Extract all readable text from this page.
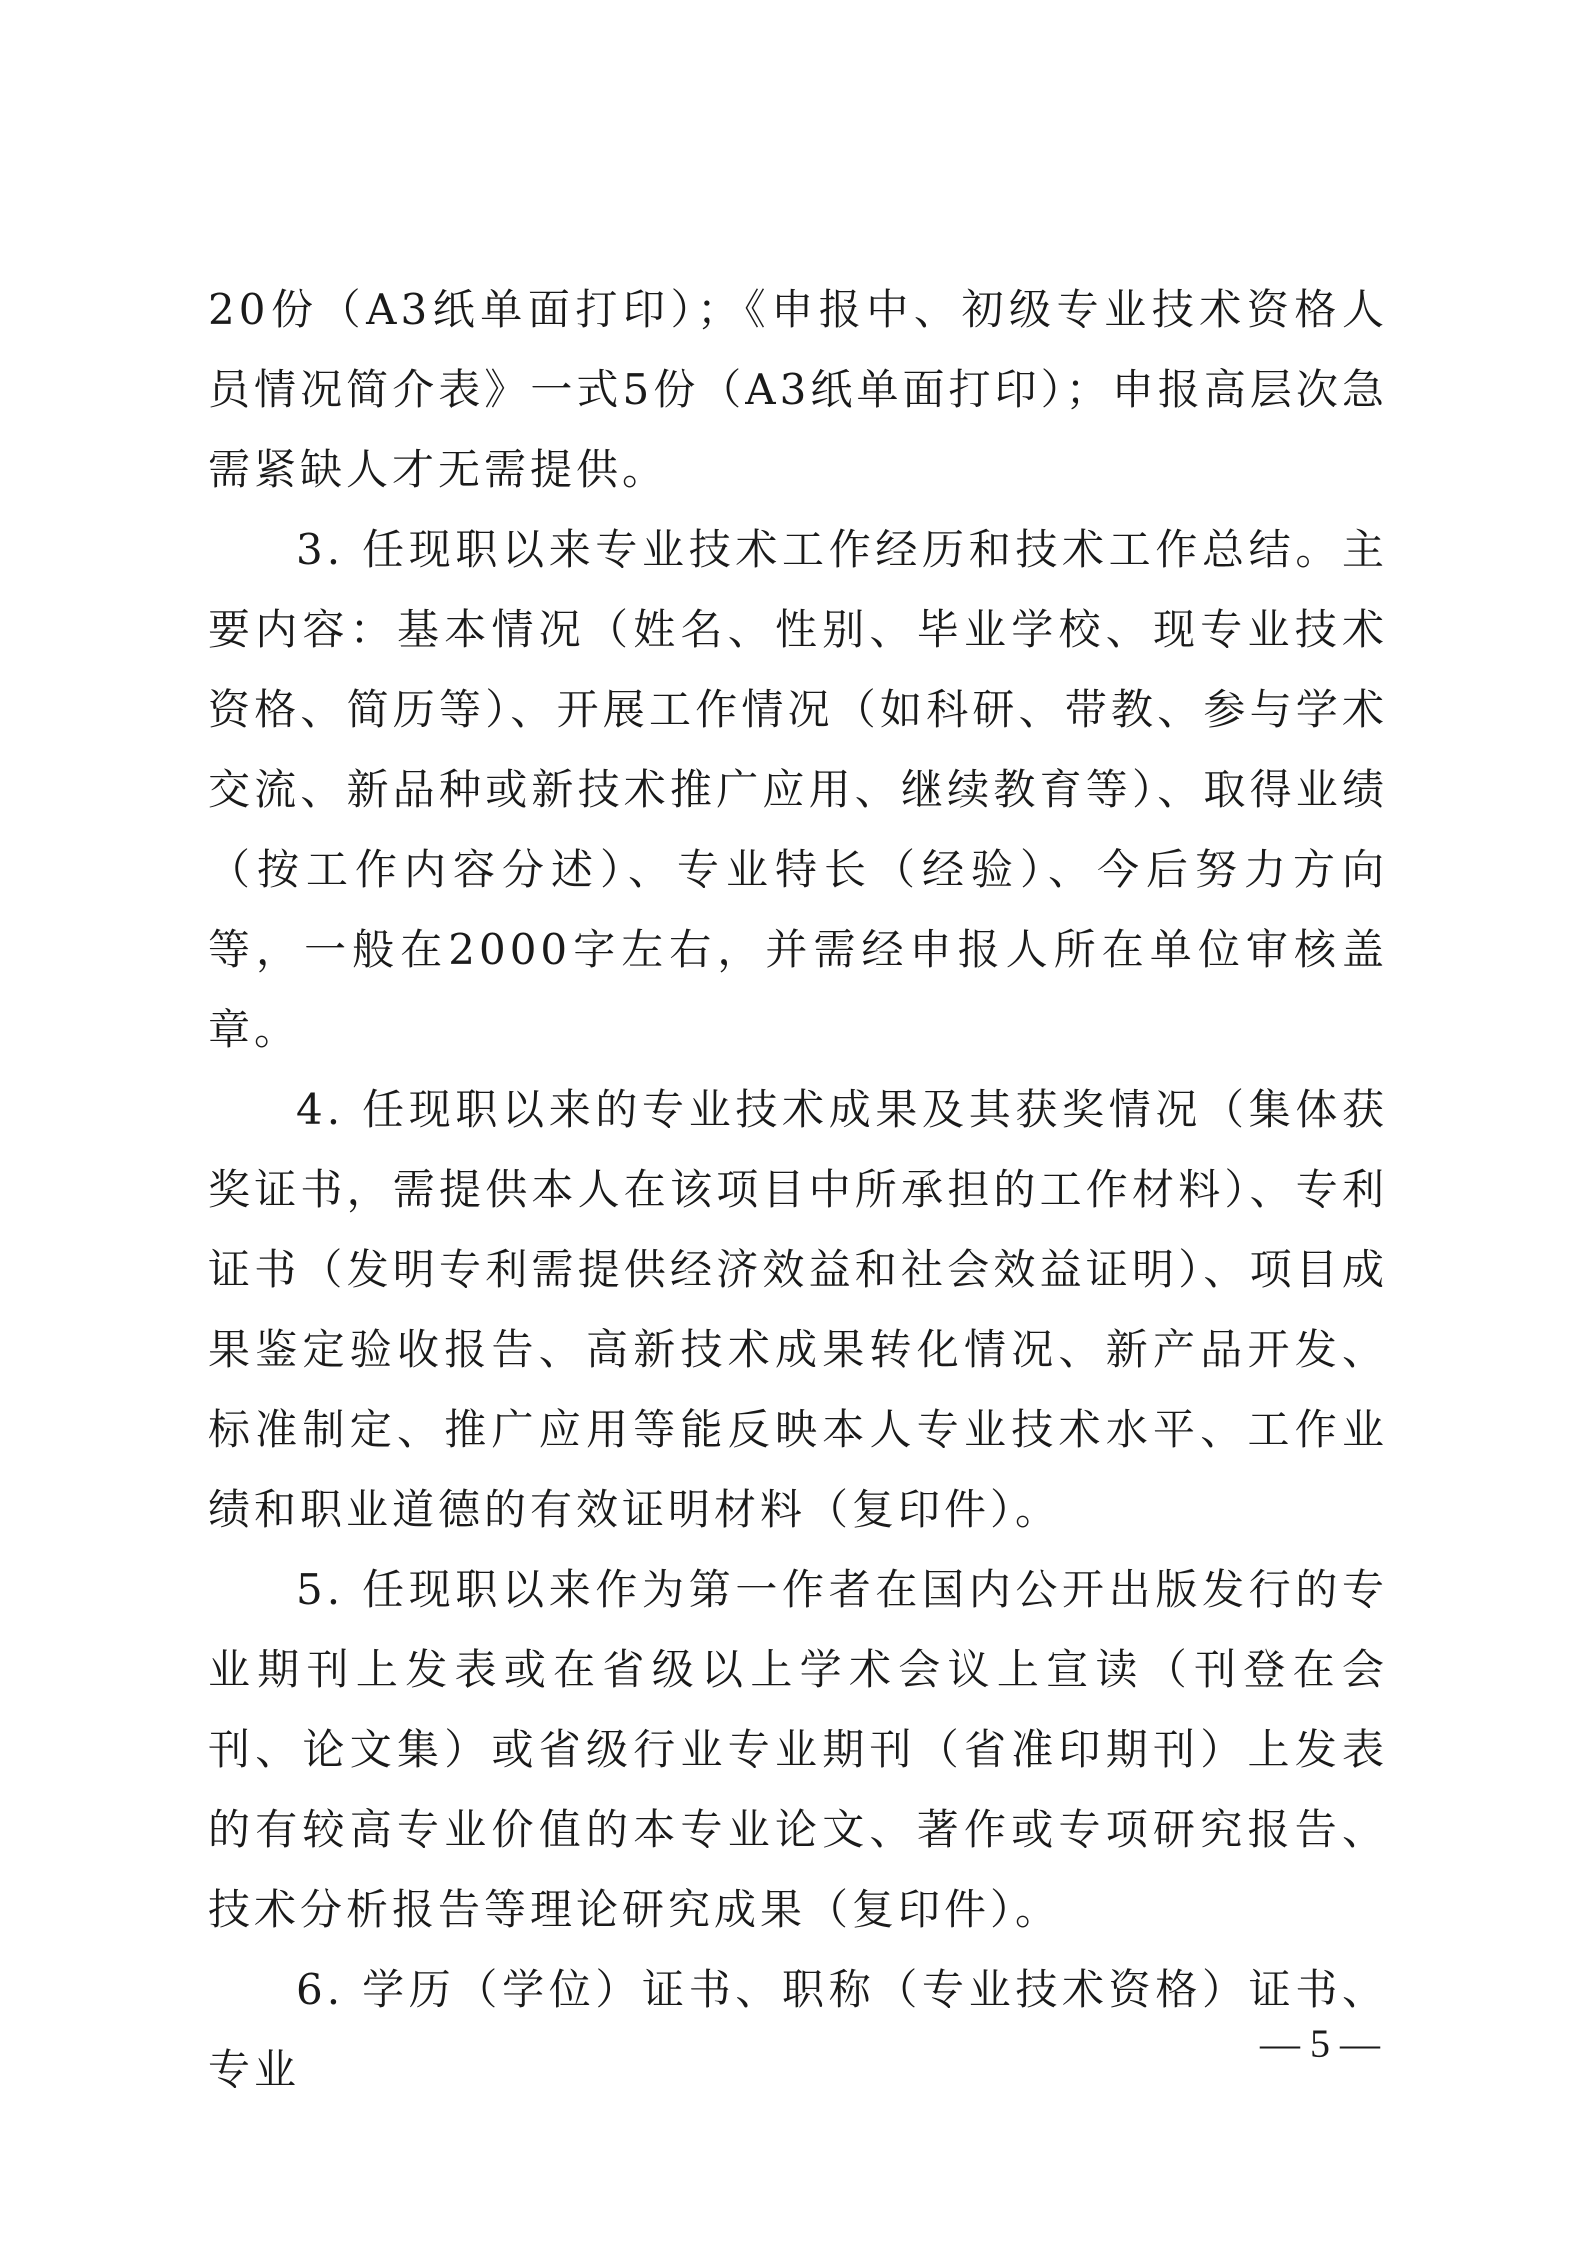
20份（A3纸单面打印）；《申报中、初级专业技术资格人员情况简介表》一式5份（A3纸单面打印）；申报高层次急需紧缺人才无需提供。

3. 任现职以来专业技术工作经历和技术工作总结。主要内容：基本情况（姓名、性别、毕业学校、现专业技术资格、简历等）、开展工作情况（如科研、带教、参与学术交流、新品种或新技术推广应用、继续教育等）、取得业绩（按工作内容分述）、专业特长（经验）、今后努力方向等，一般在2000字左右，并需经申报人所在单位审核盖章。

4. 任现职以来的专业技术成果及其获奖情况（集体获奖证书，需提供本人在该项目中所承担的工作材料）、专利证书（发明专利需提供经济效益和社会效益证明）、项目成果鉴定验收报告、高新技术成果转化情况、新产品开发、标准制定、推广应用等能反映本人专业技术水平、工作业绩和职业道德的有效证明材料（复印件）。

5. 任现职以来作为第一作者在国内公开出版发行的专业期刊上发表或在省级以上学术会议上宣读（刊登在会刊、论文集）或省级行业专业期刊（省准印期刊）上发表的有较高专业价值的本专业论文、著作或专项研究报告、技术分析报告等理论研究成果（复印件）。

6. 学历（学位）证书、职称（专业技术资格）证书、专业

— 5 —
